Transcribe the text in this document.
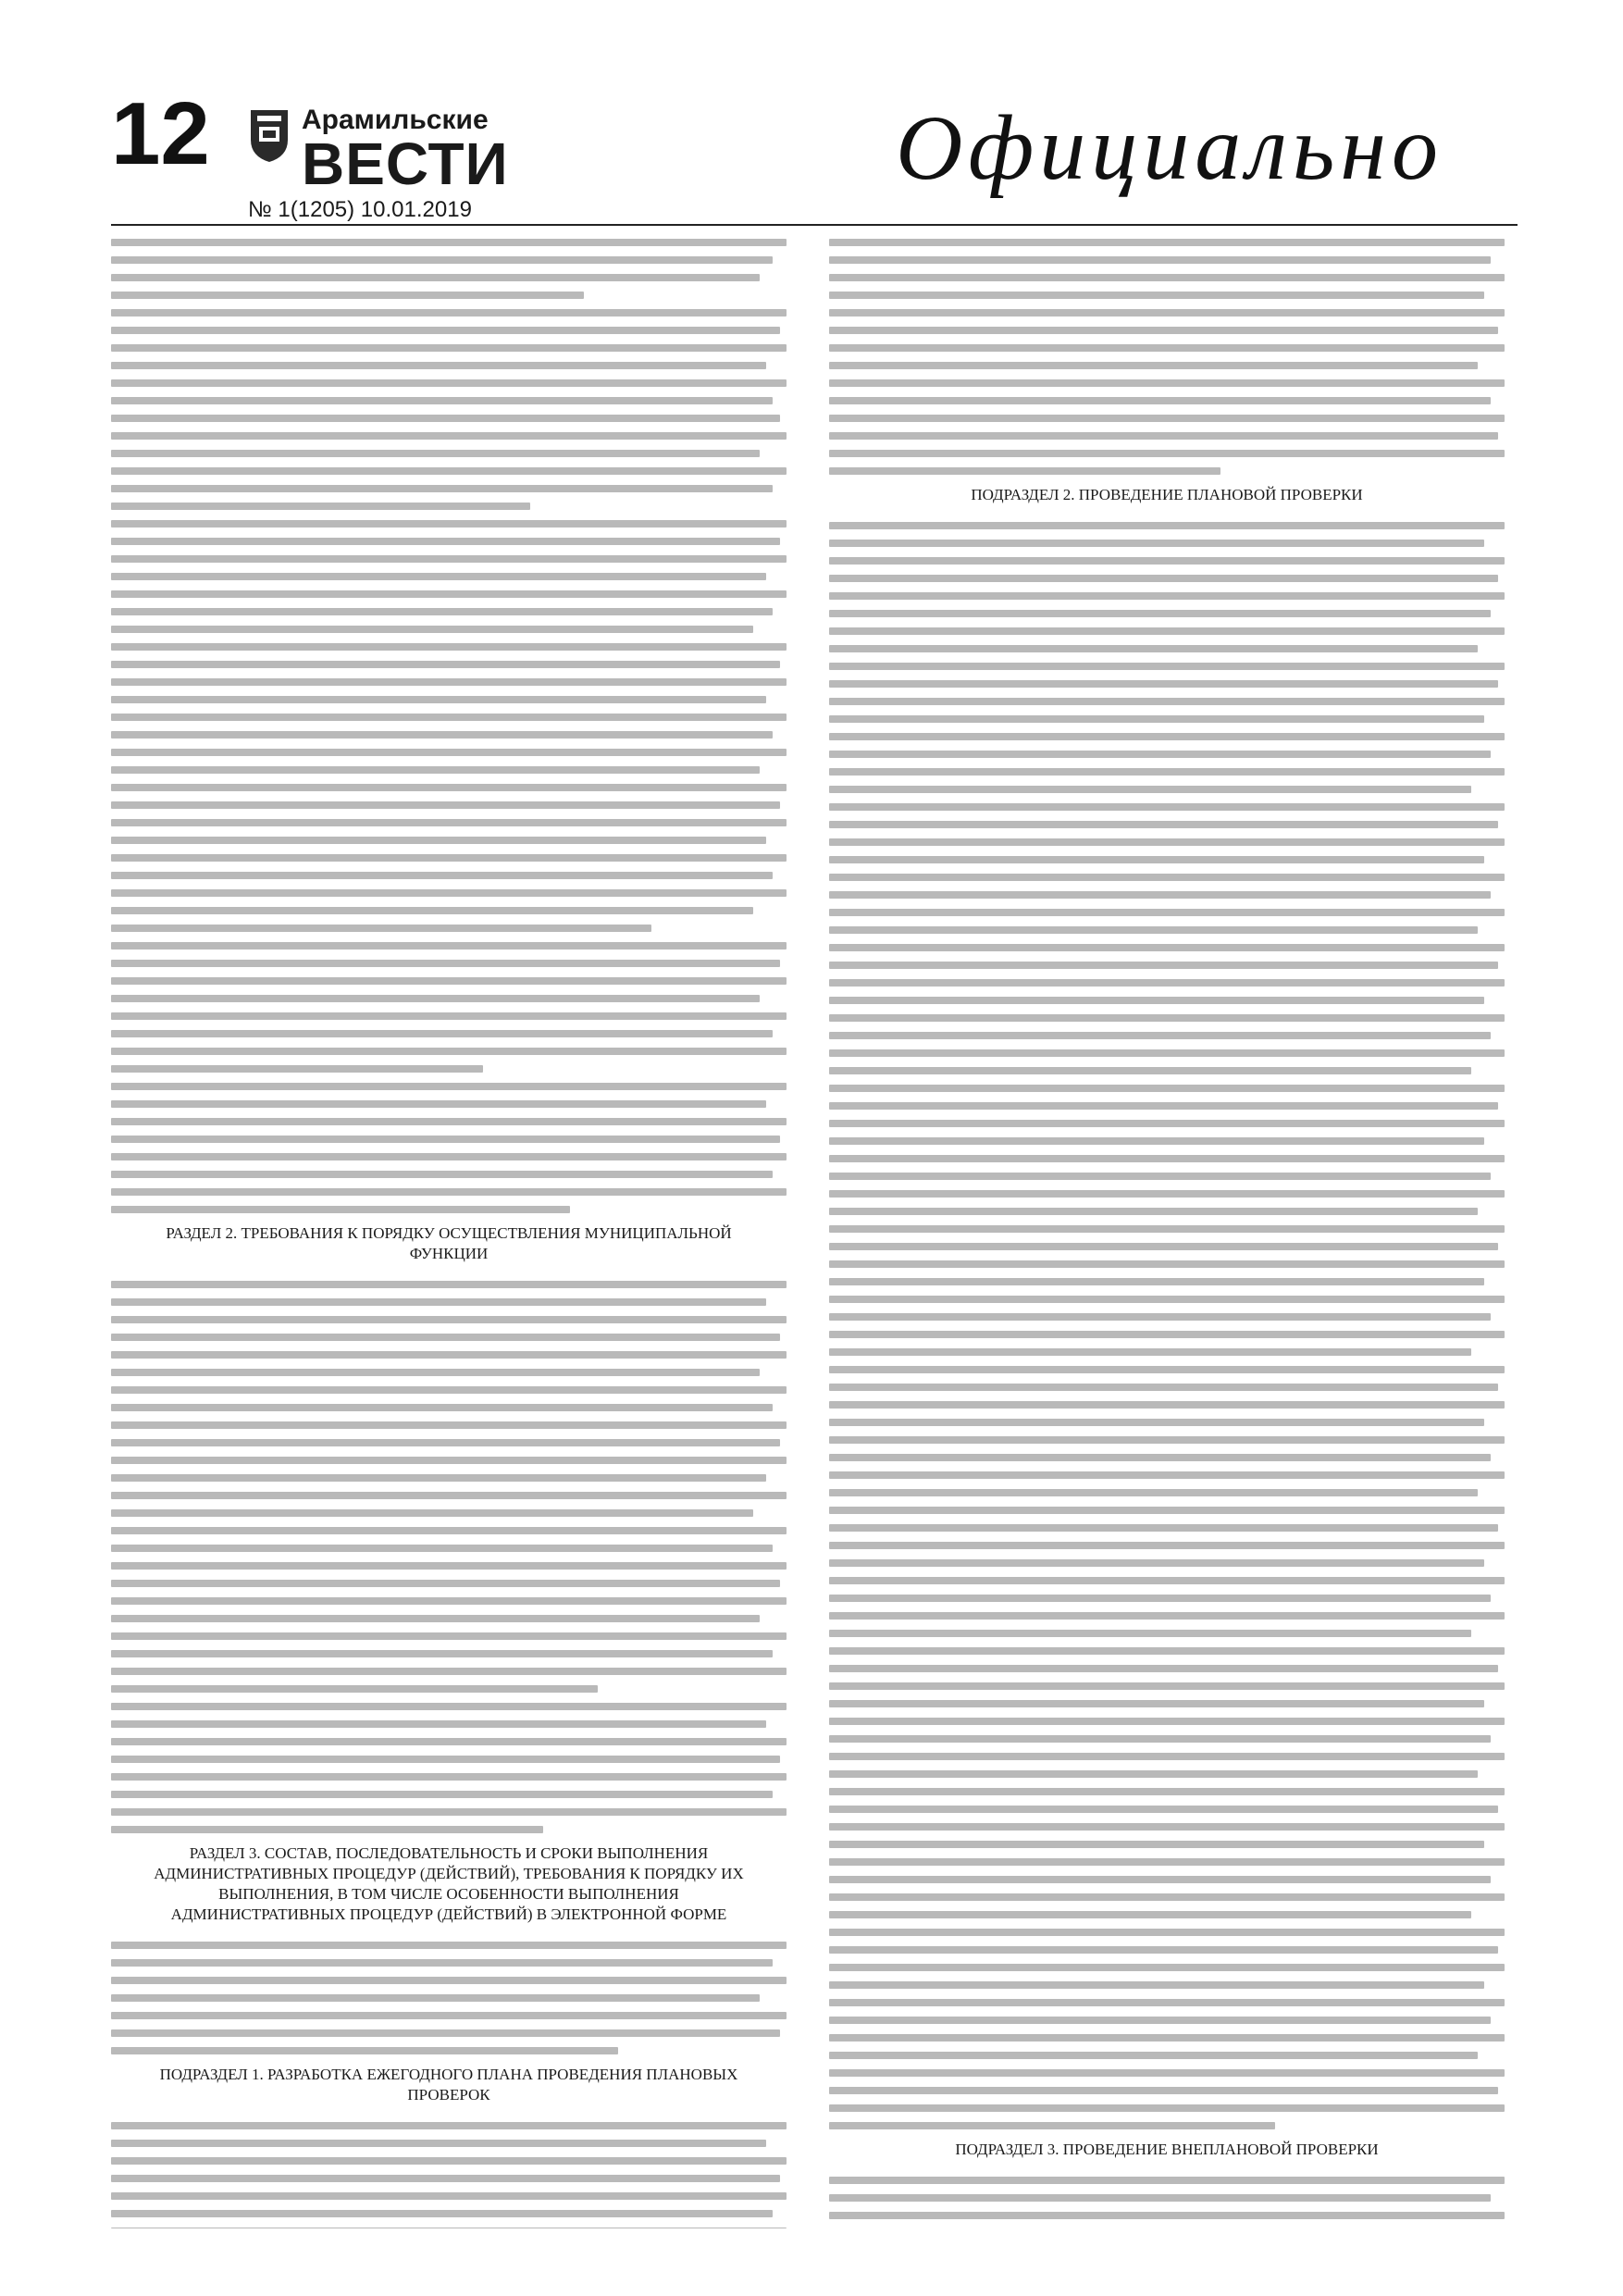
12	Арамильские
ВЕСТИ
№ 1(1205) 10.01.2019
Официально
РАЗДЕЛ 2. ТРЕБОВАНИЯ К ПОРЯДКУ ОСУЩЕСТВЛЕНИЯ МУНИЦИПАЛЬНОЙ ФУНКЦИИ
РАЗДЕЛ 3. СОСТАВ, ПОСЛЕДОВАТЕЛЬНОСТЬ И СРОКИ ВЫПОЛНЕНИЯ АДМИНИСТРАТИВНЫХ ПРОЦЕДУР (ДЕЙСТВИЙ), ТРЕБОВАНИЯ К ПОРЯДКУ ИХ ВЫПОЛНЕНИЯ, В ТОМ ЧИСЛЕ ОСОБЕННОСТИ ВЫПОЛНЕНИЯ АДМИНИСТРАТИВНЫХ ПРОЦЕДУР (ДЕЙСТВИЙ) В ЭЛЕКТРОННОЙ ФОРМЕ
ПОДРАЗДЕЛ 1. РАЗРАБОТКА ЕЖЕГОДНОГО ПЛАНА ПРОВЕДЕНИЯ ПЛАНОВЫХ ПРОВЕРОК
ПОДРАЗДЕЛ 2. ПРОВЕДЕНИЕ ПЛАНОВОЙ ПРОВЕРКИ
ПОДРАЗДЕЛ 3. ПРОВЕДЕНИЕ ВНЕПЛАНОВОЙ ПРОВЕРКИ
